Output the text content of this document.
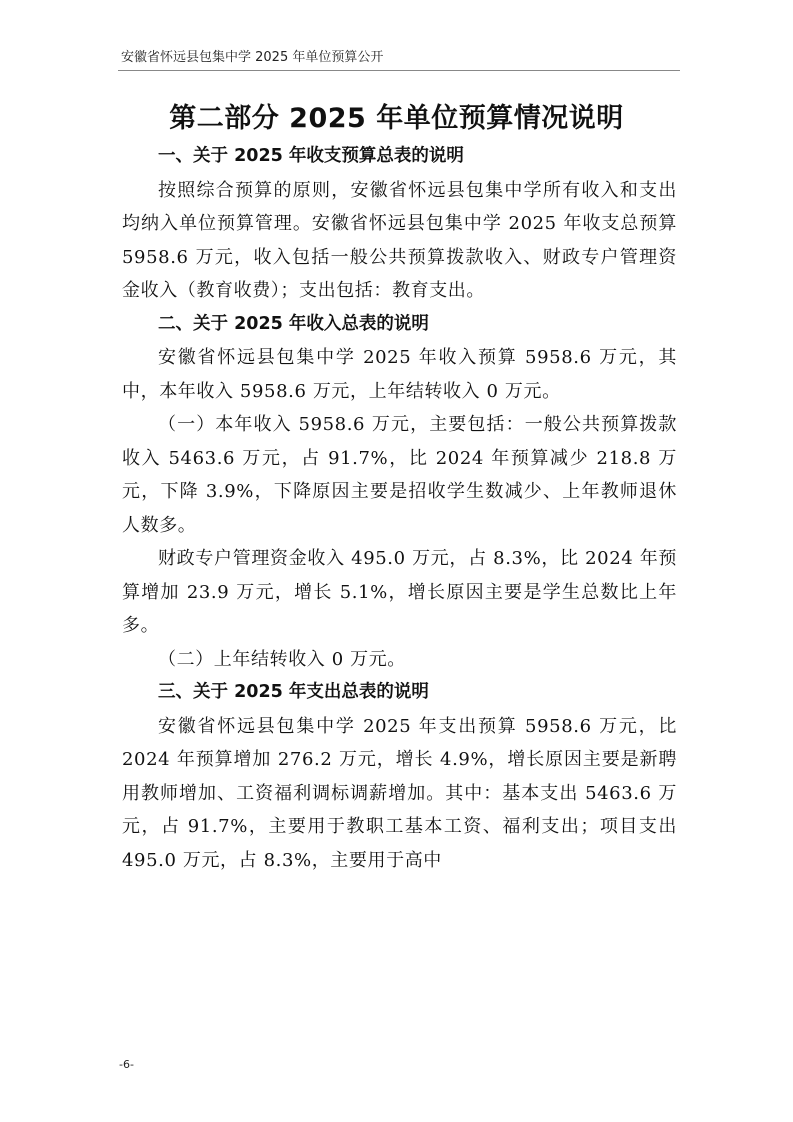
安徽省怀远县包集中学 2025 年单位预算公开
第二部分 2025 年单位预算情况说明

一、关于 2025 年收支预算总表的说明

按照综合预算的原则，安徽省怀远县包集中学所有收入和支出均纳入单位预算管理。安徽省怀远县包集中学 2025 年收支总预算 5958.6 万元，收入包括一般公共预算拨款收入、财政专户管理资金收入（教育收费）；支出包括：教育支出。

二、关于 2025 年收入总表的说明

安徽省怀远县包集中学 2025 年收入预算 5958.6 万元，其中，本年收入 5958.6 万元，上年结转收入 0 万元。

（一）本年收入 5958.6 万元，主要包括：一般公共预算拨款收入 5463.6 万元，占 91.7%，比 2024 年预算减少 218.8 万元，下降 3.9%，下降原因主要是招收学生数减少、上年教师退休人数多。

财政专户管理资金收入 495.0 万元，占 8.3%，比 2024 年预算增加 23.9 万元，增长 5.1%，增长原因主要是学生总数比上年多。

（二）上年结转收入 0 万元。

三、关于 2025 年支出总表的说明

安徽省怀远县包集中学 2025 年支出预算 5958.6 万元，比 2024 年预算增加 276.2 万元，增长 4.9%，增长原因主要是新聘用教师增加、工资福利调标调薪增加。其中：基本支出 5463.6 万元，占 91.7%，主要用于教职工基本工资、福利支出；项目支出 495.0 万元，占 8.3%，主要用于高中

-6-
